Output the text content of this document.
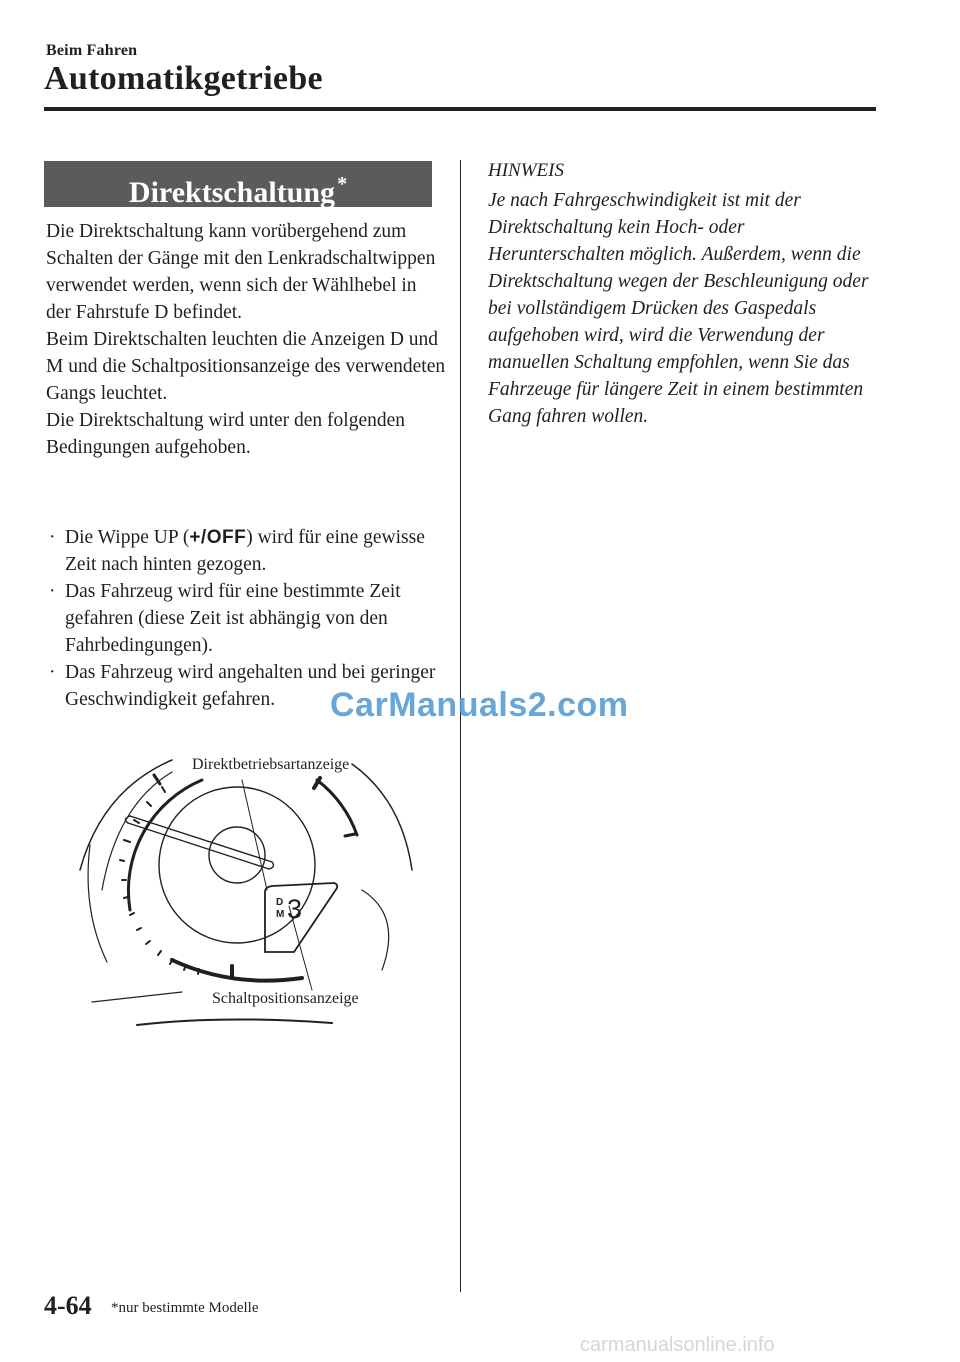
Beim Fahren
Automatikgetriebe
Direktschaltung *

Die Direktschaltung kann vorübergehend zum Schalten der Gänge mit den Lenkradschaltwippen verwendet werden, wenn sich der Wählhebel in der Fahrstufe D befindet.

Beim Direktschalten leuchten die Anzeigen D und M und die Schaltpositionsanzeige des verwendeten Gangs leuchtet.

Die Direktschaltung wird unter den folgenden Bedingungen aufgehoben.

· Die Wippe UP (+/OFF) wird für eine gewisse Zeit nach hinten gezogen.
· Das Fahrzeug wird für eine bestimmte Zeit gefahren (diese Zeit ist abhängig von den Fahrbedingungen).
· Das Fahrzeug wird angehalten und bei geringer Geschwindigkeit gefahren.	CarManuals2.com
D
M 3
Direktbetriebsartanzeige
Schaltpositionsanzeige
HINWEIS

Je nach Fahrgeschwindigkeit ist mit der Direktschaltung kein Hoch- oder Herunterschalten möglich. Außerdem, wenn die Direktschaltung wegen der Beschleunigung oder bei vollständigem Drücken des Gaspedals aufgehoben wird, wird die Verwendung der manuellen Schaltung empfohlen, wenn Sie das Fahrzeuge für längere Zeit in einem bestimmten Gang fahren wollen.

4-64 *nur bestimmte Modelle
carmanualsonline.info
